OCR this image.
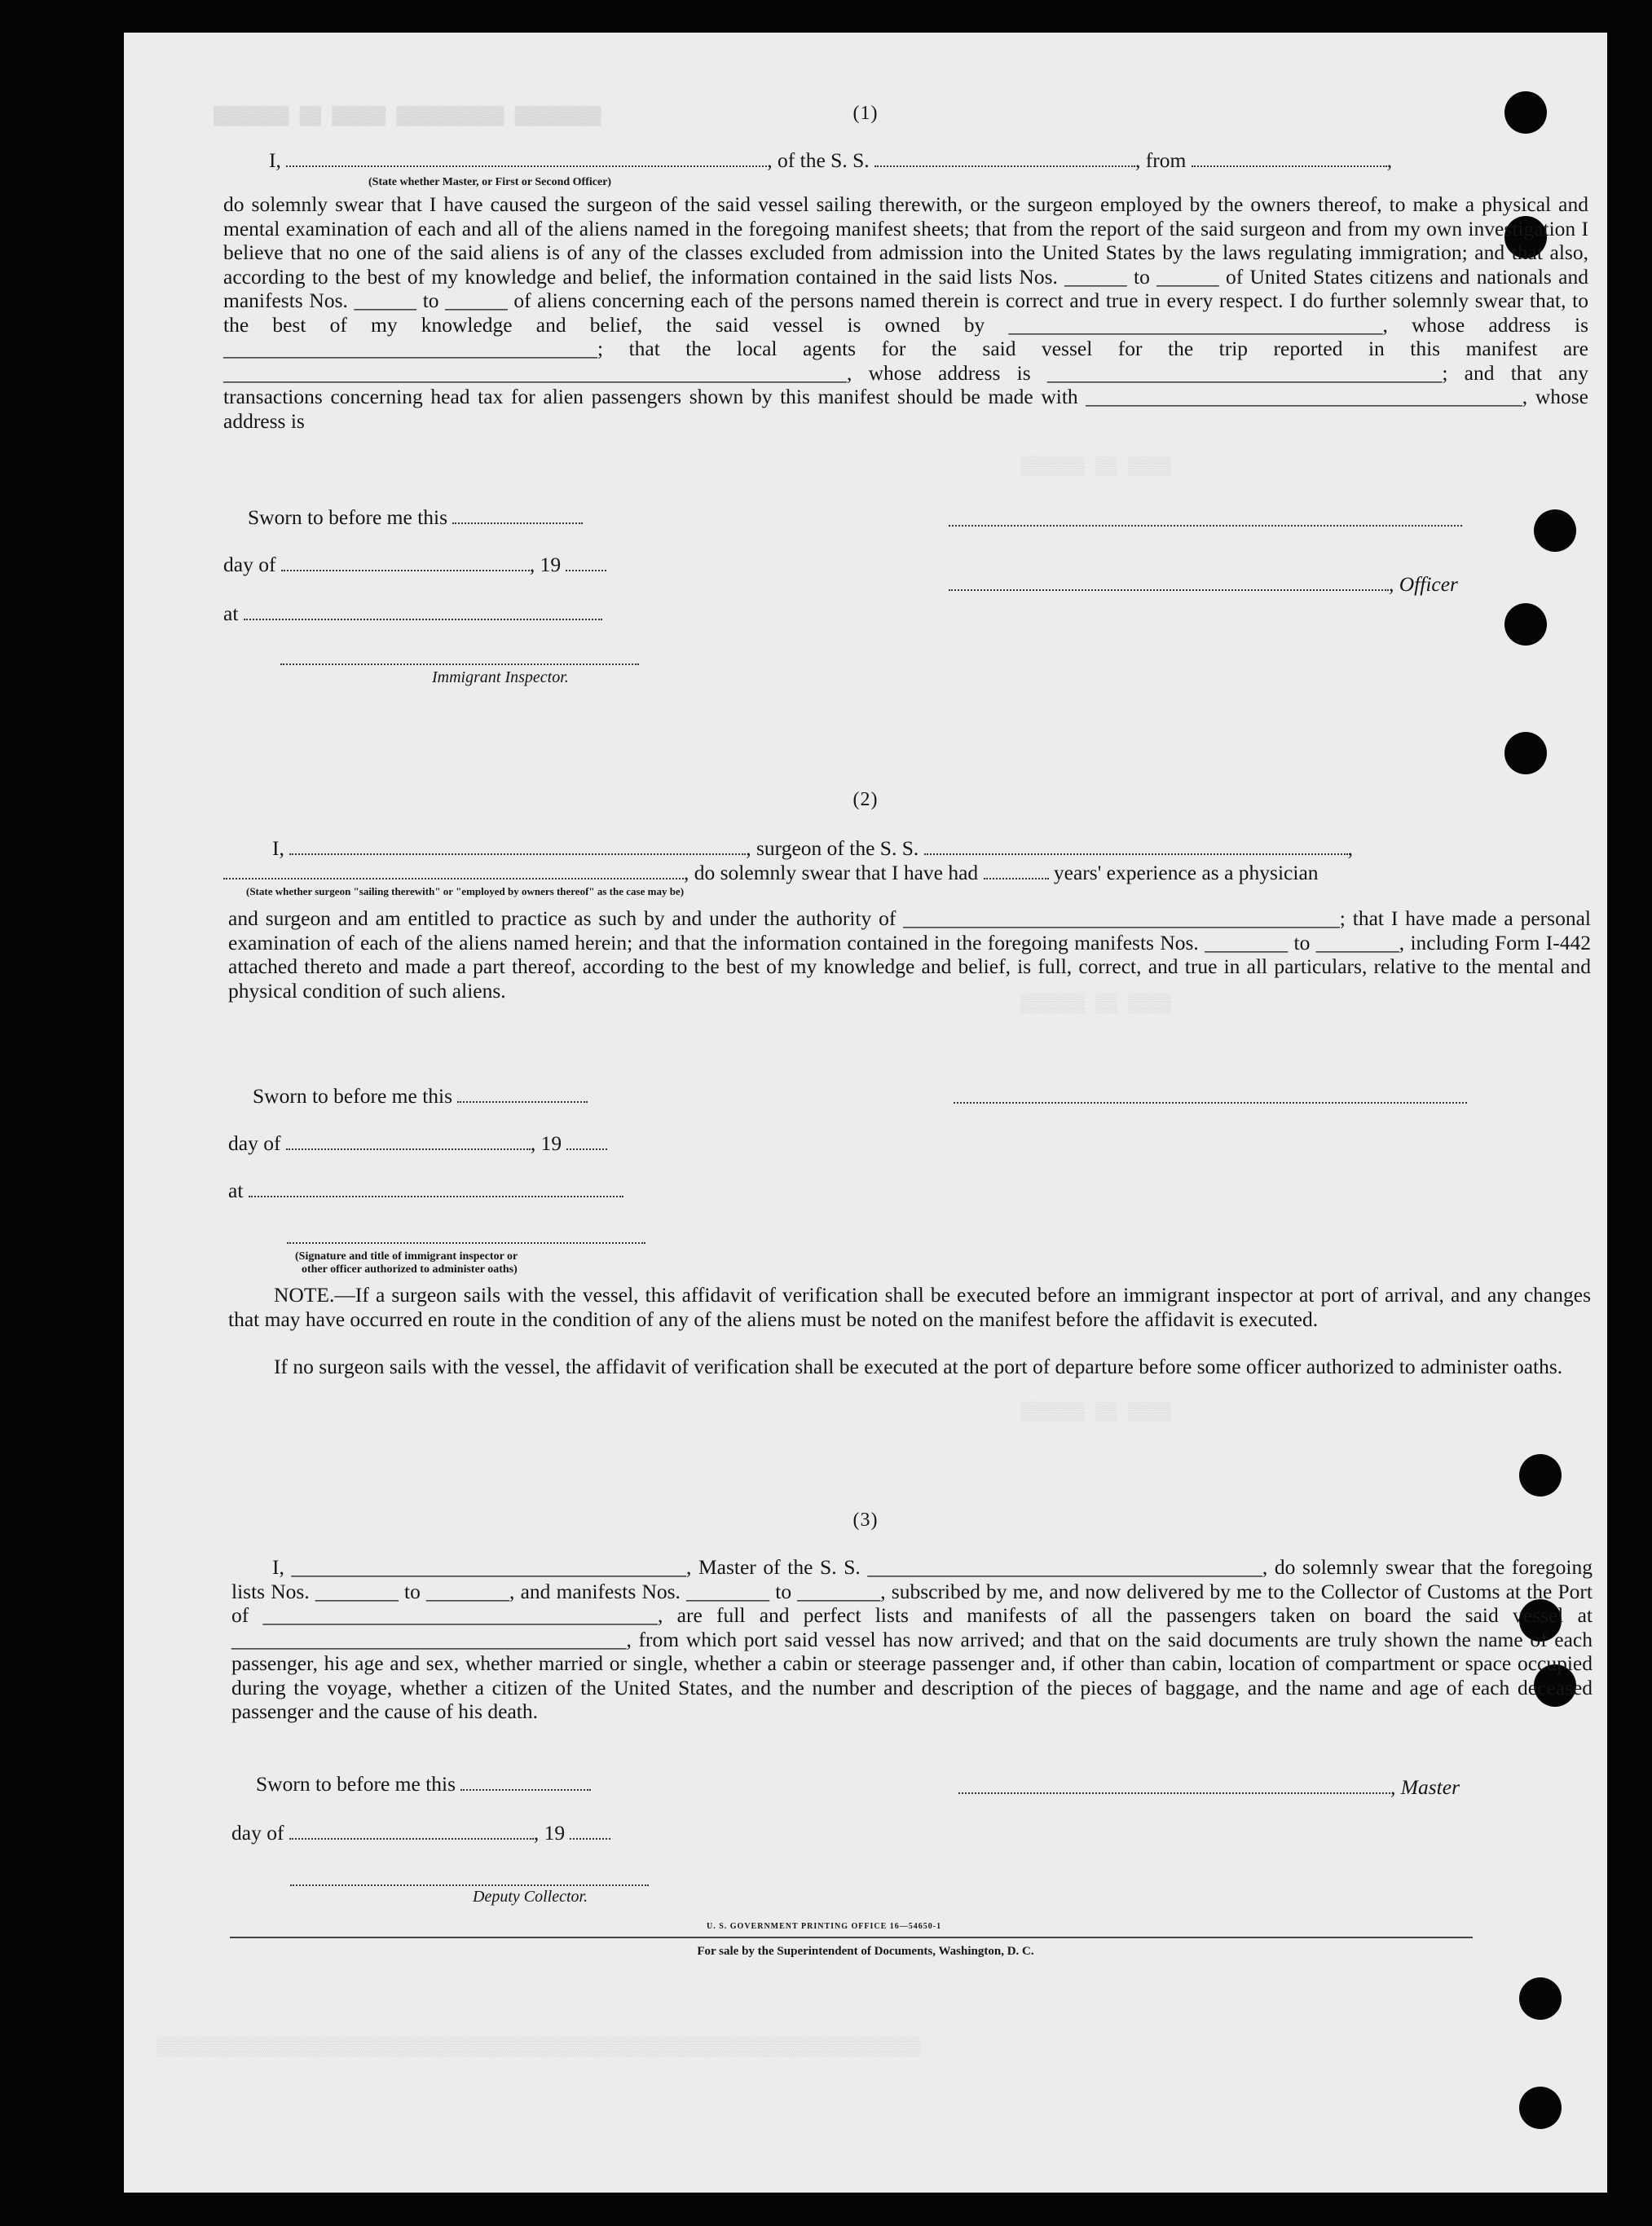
▓▓▓▓▓▓▓ ▓▓ ▓▓▓▓▓ ▓▓▓▓▓▓▓▓▓▓ ▓▓▓▓▓▓▓▓
▒▒▒▒▒▒ ▒▒ ▒▒▒▒
▒▒▒▒▒▒ ▒▒ ▒▒▒▒
▒▒▒▒▒▒ ▒▒ ▒▒▒▒
▒▒▒▒▒▒▒▒▒▒▒▒▒▒▒▒▒▒▒▒▒▒▒▒▒▒▒▒▒▒▒▒▒▒▒▒▒▒▒▒▒▒▒▒▒▒▒▒▒▒▒▒▒▒▒▒▒▒▒▒▒▒▒▒▒▒▒▒▒▒▒
(1)
I,	, of the S. S.	, from	,
(State whether Master, or First or Second Officer)
do solemnly swear that I have caused the surgeon of the said vessel sailing therewith, or the surgeon employed by the owners thereof, to make a physical and mental examination of each and all of the aliens named in the foregoing manifest sheets; that from the report of the said surgeon and from my own investigation I believe that no one of the said aliens is of any of the classes excluded from admission into the United States by the laws regulating immigration; and that also, according to the best of my knowledge and belief, the information contained in the said lists Nos. ______ to ______ of United States citizens and nationals and manifests Nos. ______ to ______ of aliens concerning each of the persons named therein is correct and true in every respect. I do further solemnly swear that, to the best of my knowledge and belief, the said vessel is owned by ____________________________________, whose address is ____________________________________; that the local agents for the said vessel for the trip reported in this manifest are ____________________________________________________________, whose address is ______________________________________; and that any transactions concerning head tax for alien passengers shown by this manifest should be made with __________________________________________, whose address is
Sworn to before me this
day of	, 19
, Officer
at
Immigrant Inspector.
(2)
I,	, surgeon of the S. S.	,
, do solemnly swear that I have had	years' experience as a physician
(State whether surgeon "sailing therewith" or "employed by owners thereof" as the case may be)
and surgeon and am entitled to practice as such by and under the authority of __________________________________________; that I have made a personal examination of each of the aliens named herein; and that the information contained in the foregoing manifests Nos. ________ to ________, including Form I-442 attached thereto and made a part thereof, according to the best of my knowledge and belief, is full, correct, and true in all particulars, relative to the mental and physical condition of such aliens.
Sworn to before me this
day of	, 19
at
(Signature and title of immigrant inspector or
other officer authorized to administer oaths)
NOTE.—If a surgeon sails with the vessel, this affidavit of verification shall be executed before an immigrant inspector at port of arrival, and any changes that may have occurred en route in the condition of any of the aliens must be noted on the manifest before the affidavit is executed.
If no surgeon sails with the vessel, the affidavit of verification shall be executed at the port of departure before some officer authorized to administer oaths.
(3)
I, ______________________________________, Master of the S. S. ______________________________________, do solemnly swear that the foregoing lists Nos. ________ to ________, and manifests Nos. ________ to ________, subscribed by me, and now delivered by me to the Collector of Customs at the Port of ______________________________________, are full and perfect lists and manifests of all the passengers taken on board the said vessel at ______________________________________, from which port said vessel has now arrived; and that on the said documents are truly shown the name of each passenger, his age and sex, whether married or single, whether a cabin or steerage passenger and, if other than cabin, location of compartment or space occupied during the voyage, whether a citizen of the United States, and the number and description of the pieces of baggage, and the name and age of each deceased passenger and the cause of his death.
Sworn to before me this	, Master
day of	, 19
Deputy Collector.
U. S. GOVERNMENT PRINTING OFFICE 16—54650-1
For sale by the Superintendent of Documents, Washington, D. C.
